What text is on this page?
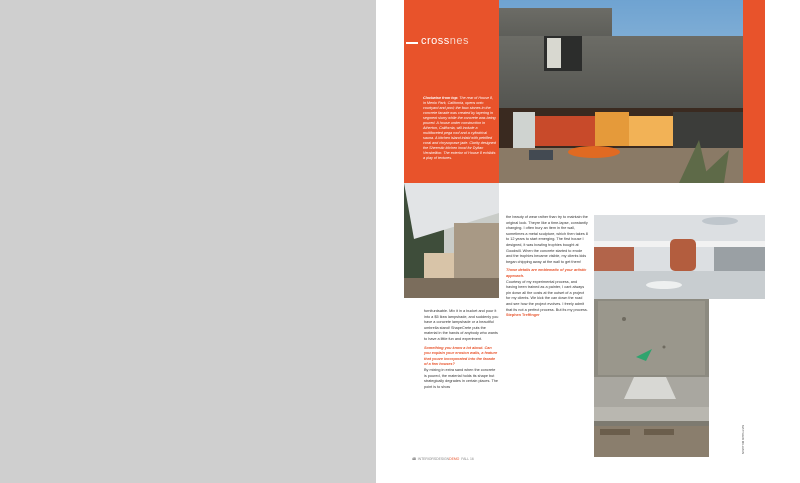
crossnes
Clockwise from top: The rear of House 8, in Menlo Park, California, opens onto courtyard and pool; the faux stones in the concrete facade was created by layering in segment slurry while the concrete was being poured. A house under construction in Atherton, California, will include a multifaceted pega roof and a cylindrical sauna. A kitchen island inlaid with petrified coral and chrysoprase jade. Clarity designed the Sheerstic kitchen hood for Dyltan Verabellion. The exterior of House 8 exhibits a play of textures.
furniturdsable. Mix it in a bucket and pour it into a $5 Ikea lampshade, and suddenly you have a concrete lampshade or a beautiful umbrella stand! ShapeCrete puts the material in the hands of anybody who wants to have a little fun and experiment.
Something you know a lot about. Can you explain your erosion walls, a feature that youve incorporated into the facade of a few houses?
By mixing in extra sand when the concrete is poured, the material holds its shape but strategically degrades in certain places. The point is to show
the beauty of wear rather than try to maintain the original look. Theyre like a time-lapse, constantly changing. I often bury an item in the wall, sometimes a metal sculpture, which then takes 8 to 12 years to start emerging. The first house I designed, it was bowling trophies bought at Goodwill. When the concrete started to erode and the trophies became visible, my clients kids began chipping away at the wall to get them!
Those details are emblematic of your artistic approach.
Courtesy of my experimental process, and having been trained as a painter, I cant always pin down all the costs at the outset of a project for my clients. We kick the can down the road and see how the project evolves. I freely admit that its not a perfect process. But its my process. Stephen Treffinger
48 INTERIORSDESIGNDEMO FALL 16
MATTHEW MILLMAN
